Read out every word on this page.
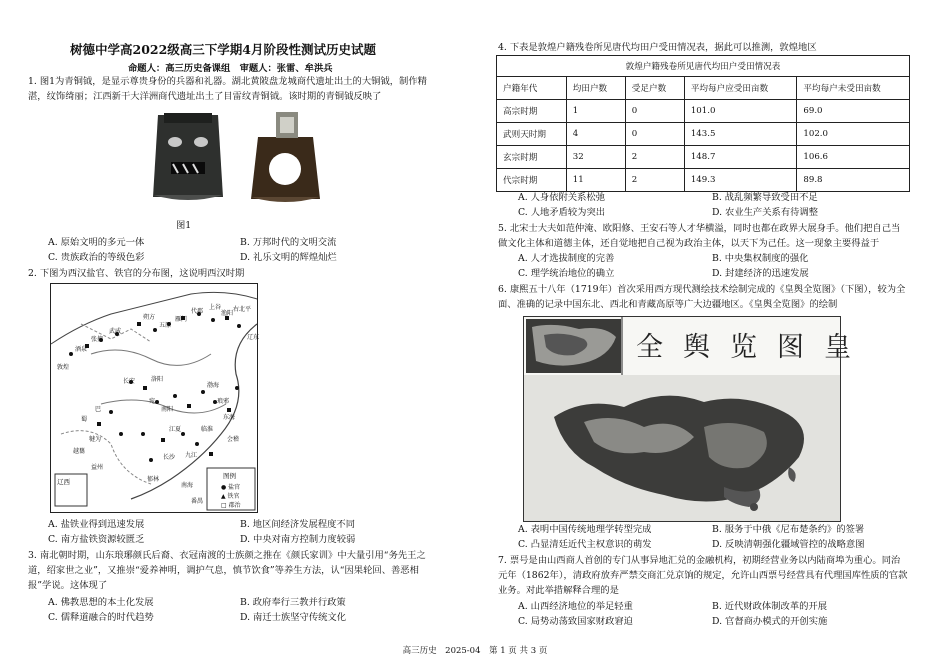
树德中学高2022级高三下学期4月阶段性测试历史试题
命题人：高三历史备课组　审题人：张雷、牟洪兵
1. 图1为青铜钺，是显示尊贵身份的兵器和礼器。湖北黄陂盘龙城商代遗址出土的大铜钺，制作精
湛，纹饰绮丽；江西新干大洋洲商代遗址出土了目雷纹青铜钺。该时期的青铜钺反映了
图1
A. 原始文明的多元一体	B. 万邦时代的文明交流
C. 贵族政治的等级色彩	D. 礼乐文明的辉煌灿烂
2. 下图为西汉盐官、铁官的分布图，这说明西汉时期
辽西
图例
● 盐官
▲ 铁官
□ 郡治
敦煌
酒泉
张掖
武威
朔方
五原
雁门
代郡
上谷
渔阳
右北平
辽东
长安	洛阳
宛
南阳
江夏	临淮
会稽
巴
蜀
犍为
越巂
益州
郁林
南海
九江
长沙
渤海
琅邪
东海
番禺
A. 盐铁业得到迅速发展	B. 地区间经济发展程度不同
C. 南方盐铁资源较匮乏	D. 中央对南方控制力度较弱
3. 南北朝时期，山东琅琊颜氏后裔、衣冠南渡的士族颜之推在《颜氏家训》中大量引用“务先王之
道，绍家世之业”，又推崇“爱养神明，调护气息，慎节饮食”等养生方法，认“因果轮回、善恶相
报”学说。这体现了
A. 佛教思想的本土化发展	B. 政府奉行三教并行政策
C. 儒释道融合的时代趋势	D. 南迁士族坚守传统文化
4. 下表是敦煌户籍残卷所见唐代均田户受田情况表，据此可以推测，敦煌地区
敦煌户籍残卷所见唐代均田户受田情况表				
户籍年代	均田户数	受足户数	平均每户应受田亩数	平均每户未受田亩数
高宗时期	1	0	101.0	69.0
武则天时期	4	0	143.5	102.0
玄宗时期	32	2	148.7	106.6
代宗时期	11	2	149.3	89.8
A. 人身依附关系松弛	B. 战乱频繁导致受田不足
C. 人地矛盾较为突出	D. 农业生产关系有待调整
5. 北宋士大夫如范仲淹、欧阳修、王安石等人才华横溢，同时也都在政界大展身手。他们把自己当
做文化主体和道德主体，还自觉地把自己视为政治主体，以天下为己任。这一现象主要得益于
A. 人才选拔制度的完善	B. 中央集权制度的强化
C. 理学统治地位的确立	D. 封建经济的迅速发展
6. 康熙五十八年（1719年）首次采用西方现代测绘技术绘制完成的《皇舆全览图》（下图），较为全
面、准确的记录中国东北、西北和青藏高原等广大边疆地区。《皇舆全览图》的绘制
全 舆 览 图 皇
A. 表明中国传统地理学转型完成	B. 服务于中俄《尼布楚条约》的签署
C. 凸显清廷近代主权意识的萌发	D. 反映清朝强化疆域管控的战略意图
7. 票号是由山西商人首创的专门从事异地汇兑的金融机构，初期经营业务以内陆商埠为重心。同治
元年（1862年），清政府放弃严禁交商汇兑京饷的规定，允许山西票号经营具有代理国库性质的官款
业务。对此举措解释合理的是
A. 山西经济地位的举足轻重	B. 近代财政体制改革的开展
C. 局势动荡致国家财政窘迫	D. 官督商办模式的开创实施
高三历史　2025-04　第 1 页 共 3 页
